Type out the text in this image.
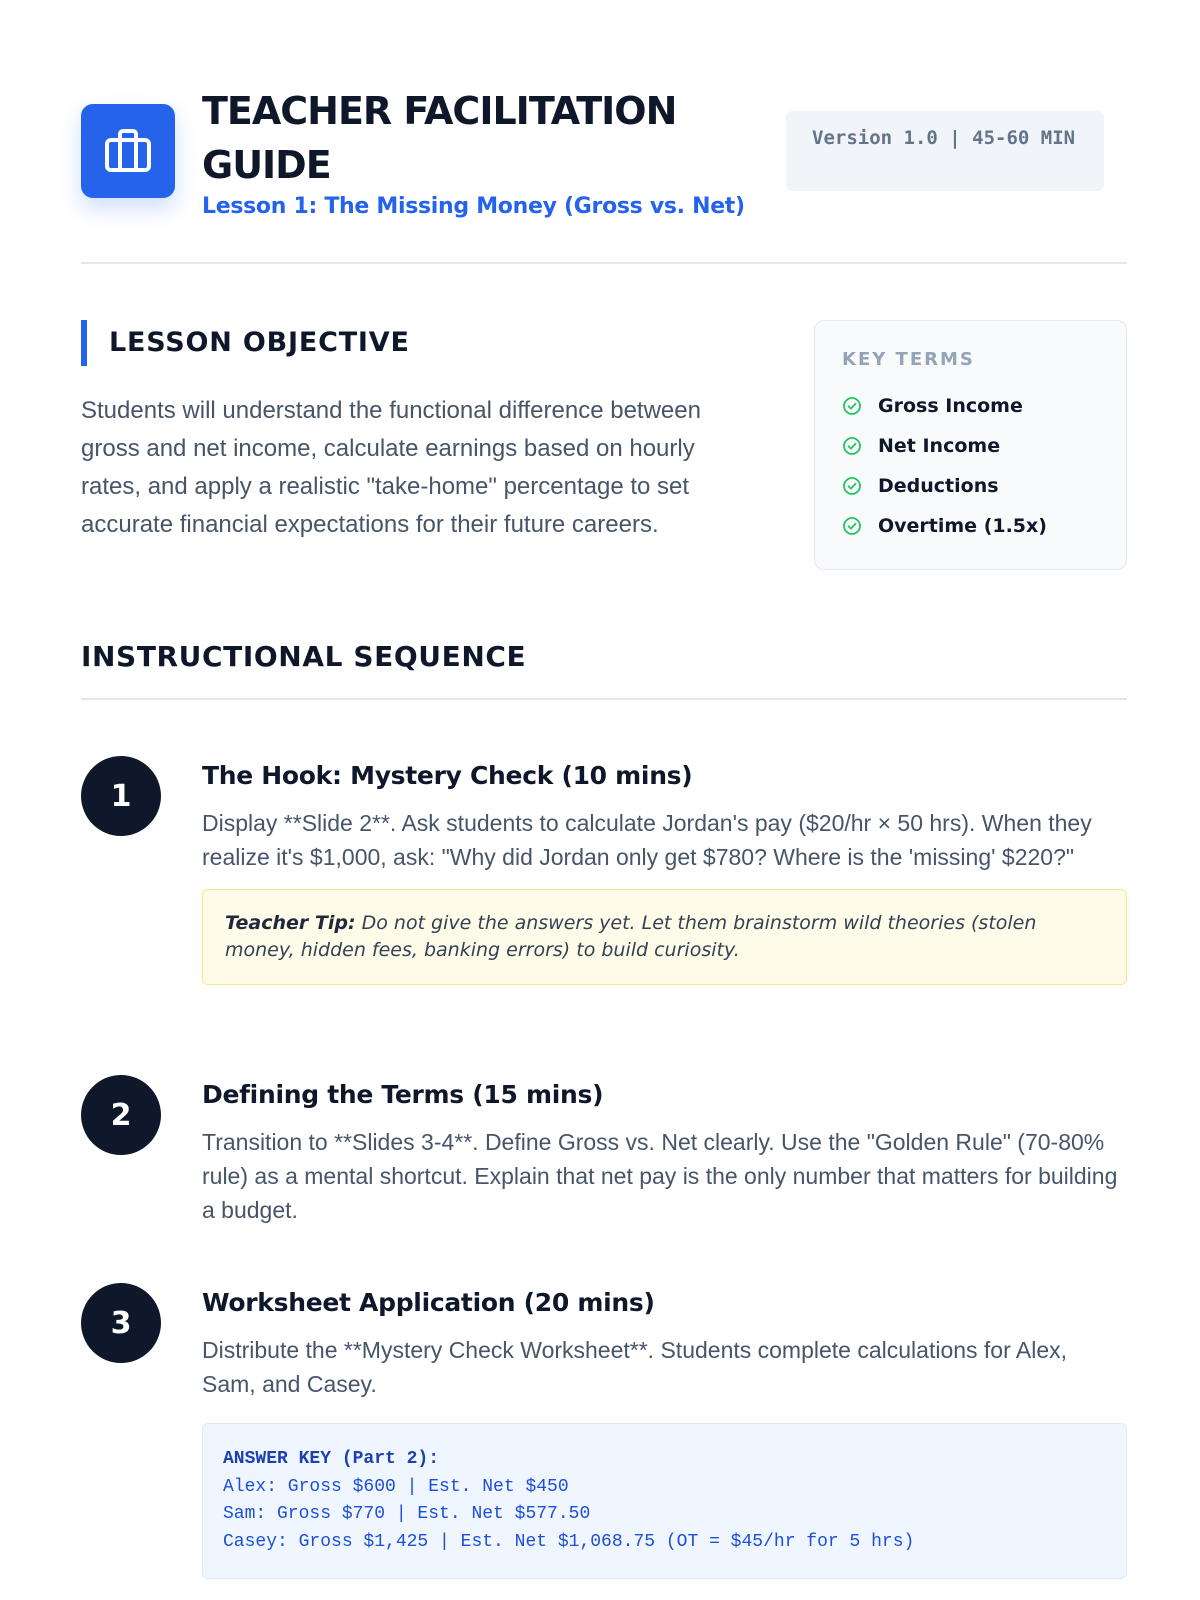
TEACHER FACILITATION GUIDE
Lesson 1: The Missing Money (Gross vs. Net)
Version 1.0 | 45-60 MIN
LESSON OBJECTIVE

Students will understand the functional difference between gross and net income, calculate earnings based on hourly rates, and apply a realistic "take-home" percentage to set accurate financial expectations for their future careers.

KEY TERMS
Gross Income
Net Income
Deductions
Overtime (1.5x)
INSTRUCTIONAL SEQUENCE
1
The Hook: Mystery Check (10 mins)

Display **Slide 2**. Ask students to calculate Jordan's pay ($20/hr × 50 hrs). When they realize it's $1,000, ask: "Why did Jordan only get $780? Where is the 'missing' $220?"

Teacher Tip: Do not give the answers yet. Let them brainstorm wild theories (stolen money, hidden fees, banking errors) to build curiosity.
2
Defining the Terms (15 mins)

Transition to **Slides 3-4**. Define Gross vs. Net clearly. Use the "Golden Rule" (70-80% rule) as a mental shortcut. Explain that net pay is the only number that matters for building a budget.

3
Worksheet Application (20 mins)

Distribute the **Mystery Check Worksheet**. Students complete calculations for Alex, Sam, and Casey.

ANSWER KEY (Part 2):
Alex: Gross $600 | Est. Net $450
Sam: Gross $770 | Est. Net $577.50
Casey: Gross $1,425 | Est. Net $1,068.75 (OT = $45/hr for 5 hrs)
